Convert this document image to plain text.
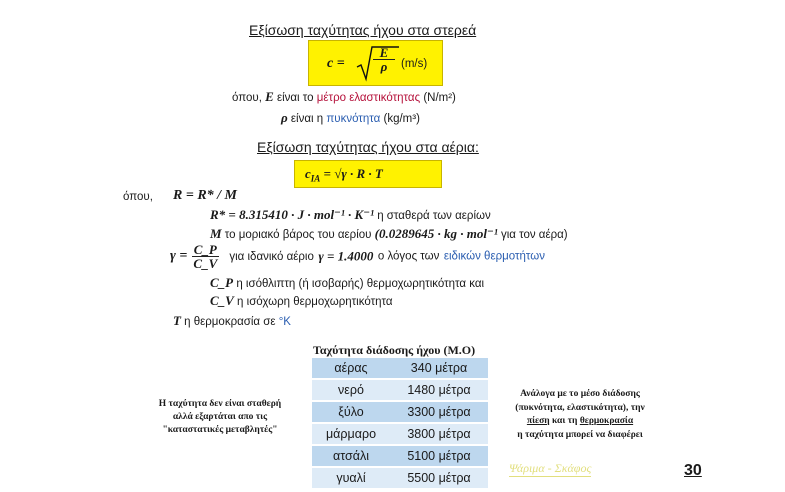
Εξίσωση ταχύτητας ήχου στα στερεά
$c = \frac{E}{\rho} (m/s)$
όπου, E είναι το μέτρο ελαστικότητας (N/m²)
ρ είναι η πυκνότητα (kg/m³)
Εξίσωση ταχύτητας ήχου στα αέρια:
$c_{IA} = √\gamma \cdot R \cdot T$
όπου, R = R* / M
R* = 8.315410 · J · mol⁻¹ · K⁻¹ η σταθερά των αερίων
M το μοριακό βάρος του αερίου (0.0289645 · kg · mol⁻¹ για τον αέρα)
$\gamma = \frac{C\_P}{C\_V}$ για ιδανικό αέριο γ = 1.4000 ο λόγος των ειδικών θερμοτήτων
C_P η ισόθλιπτη (ή ισοβαρής) θερμοχωρητικότητα και
C_V η ισόχωρη θερμοχωρητικότητα
T η θερμοκρασία σε °K
Ταχύτητα διάδοσης ήχου (Μ.Ο)
αέρας	340 μέτρα
νερό	1480 μέτρα
ξύλο	3300 μέτρα
μάρμαρο	3800 μέτρα
ατσάλι	5100 μέτρα
γυαλί	5500 μέτρα
Η ταχύτητα δεν είναι σταθερή
αλλά εξαρτάται απο τις
"καταστατικές μεταβλητές"
Ανάλογα με το μέσο διάδοσης
(πυκνότητα, ελαστικότητα), την
πίεση και τη θερμοκρασία
η ταχύτητα μπορεί να διαφέρει
Ψάριμα - Σκάφος	30
